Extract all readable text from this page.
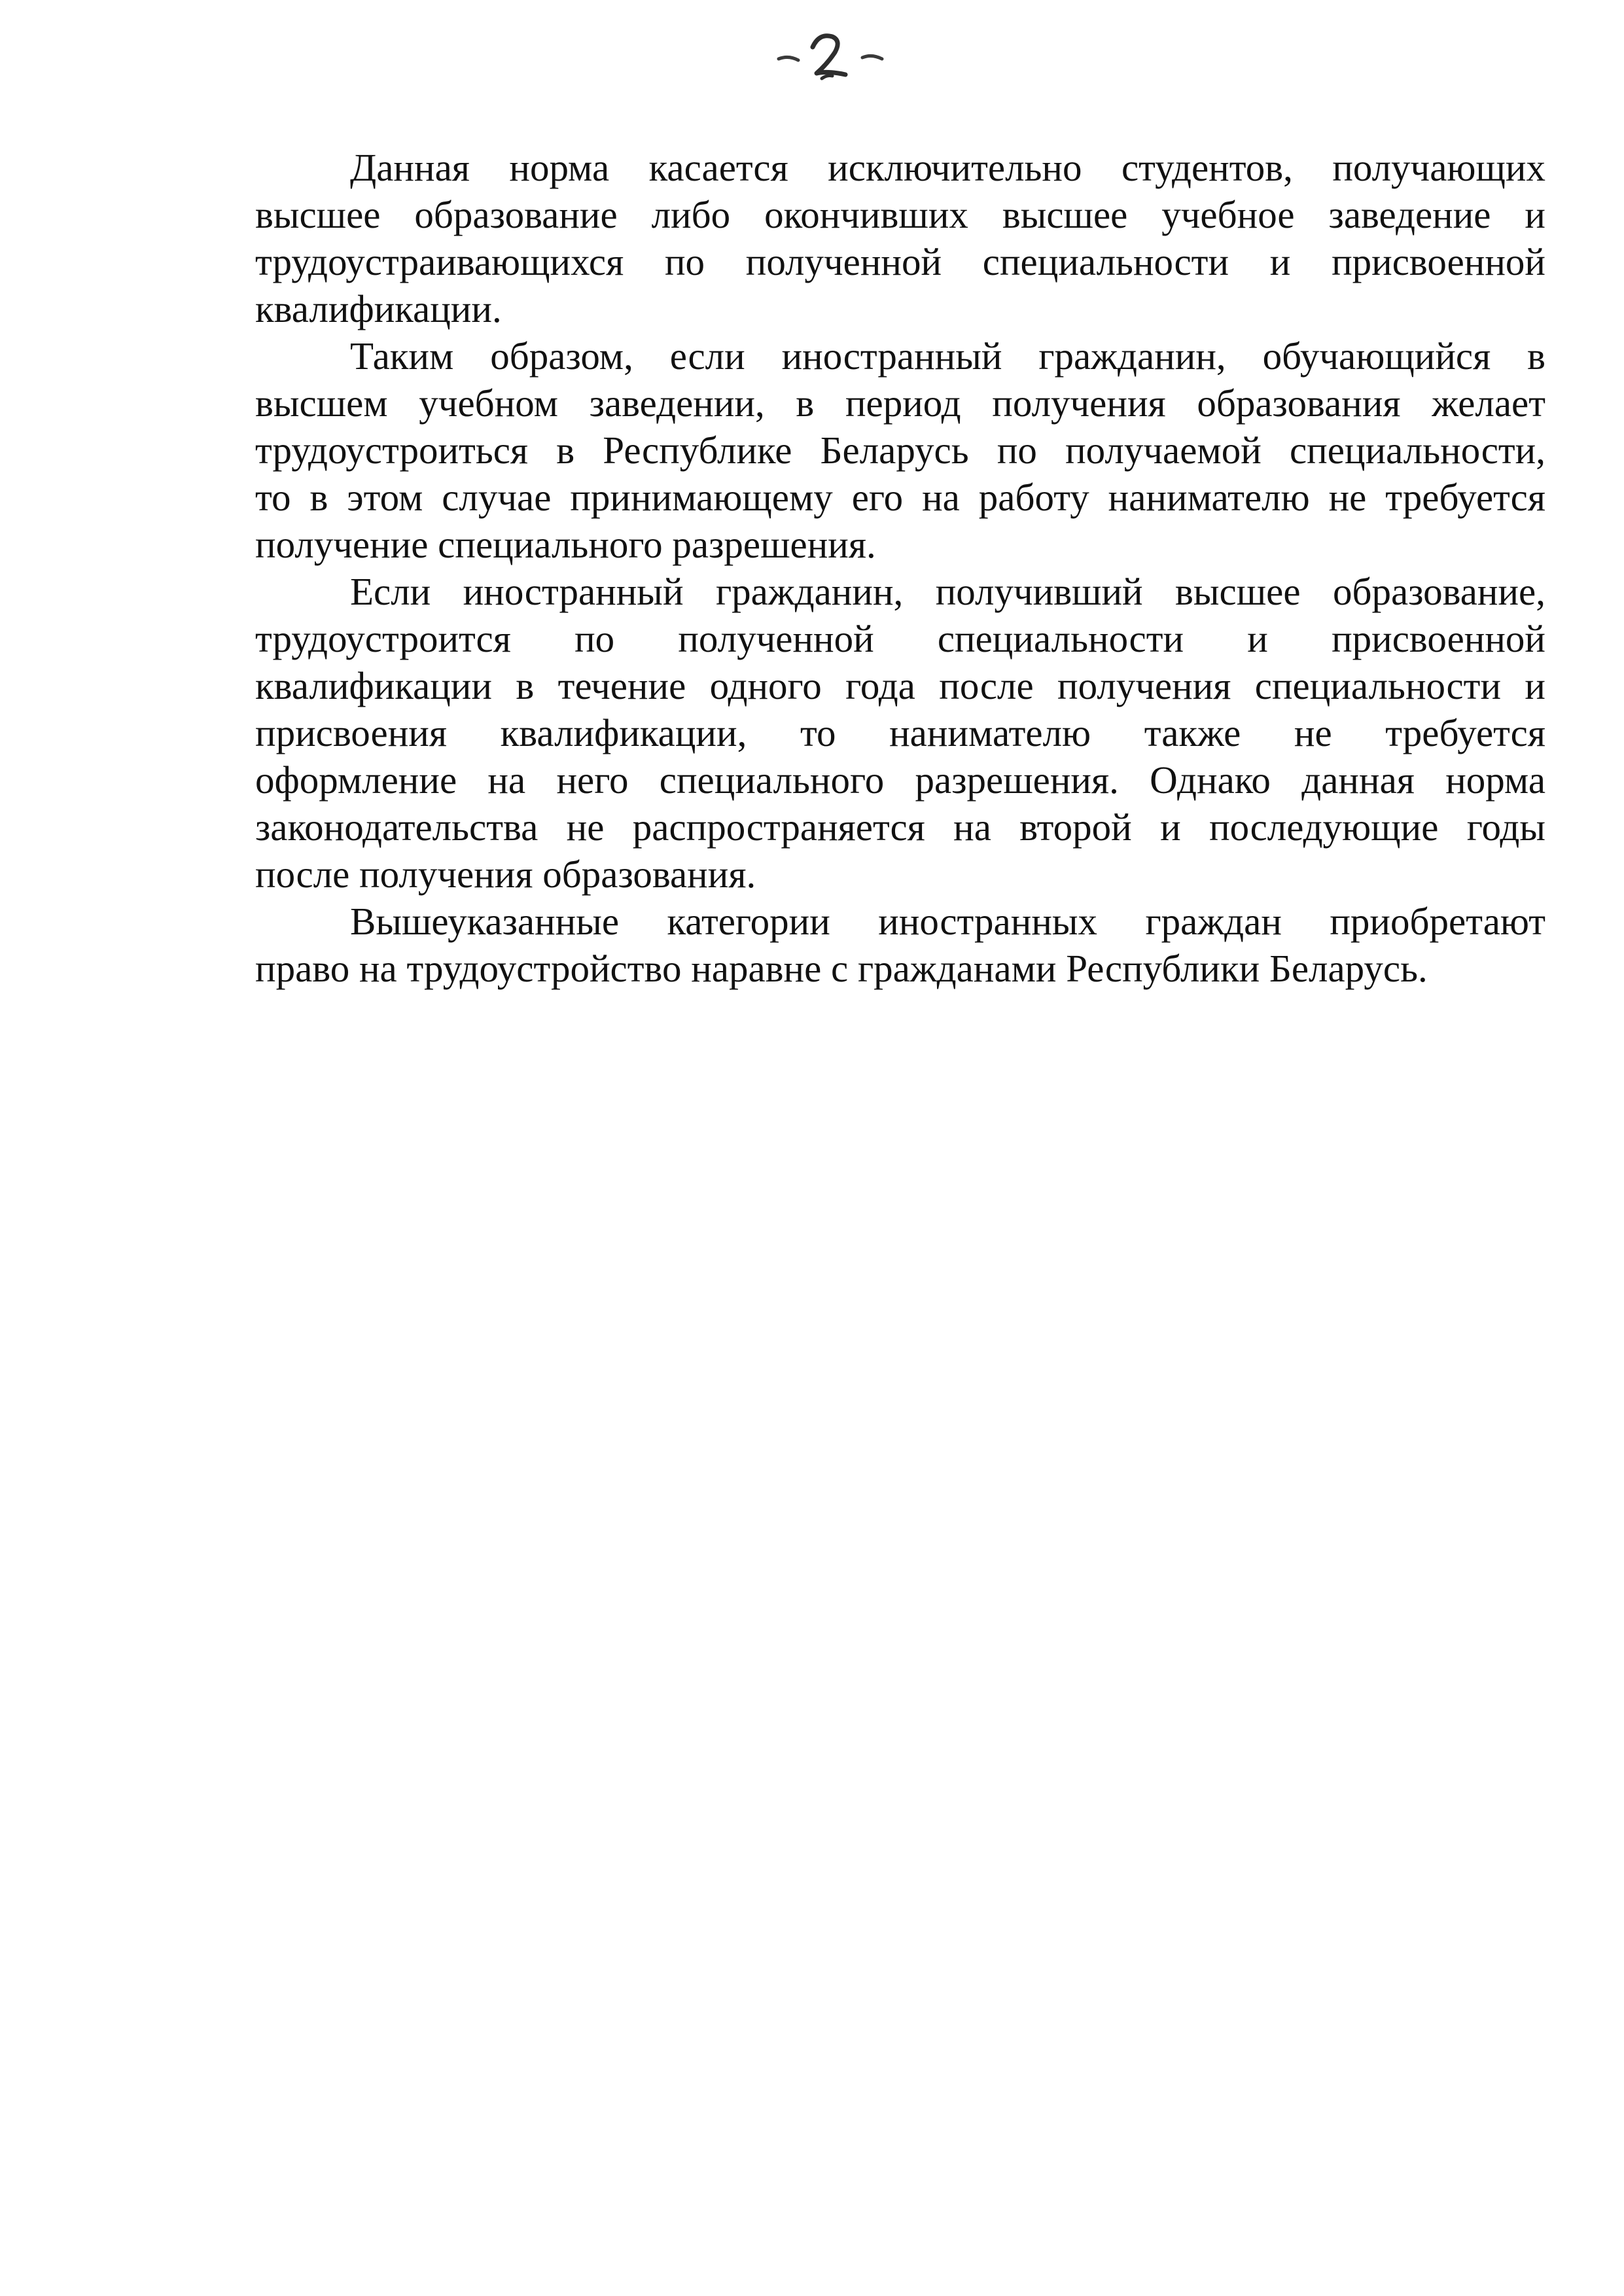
Данная норма касается исключительно студентов, получающих
высшее образование либо окончивших высшее учебное заведение и
трудоустраивающихся по полученной специальности и присвоенной
квалификации.

Таким образом, если иностранный гражданин, обучающийся в
высшем учебном заведении, в период получения образования желает
трудоустроиться в Республике Беларусь по получаемой специальности,
то в этом случае принимающему его на работу нанимателю не требуется
получение специального разрешения.

Если иностранный гражданин, получивший высшее образование,
трудоустроится по полученной специальности и присвоенной
квалификации в течение одного года после получения специальности и
присвоения квалификации, то нанимателю также не требуется
оформление на него специального разрешения. Однако данная норма
законодательства не распространяется на второй и последующие годы
после получения образования.

Вышеуказанные категории иностранных граждан приобретают
право на трудоустройство наравне с гражданами Республики Беларусь.
